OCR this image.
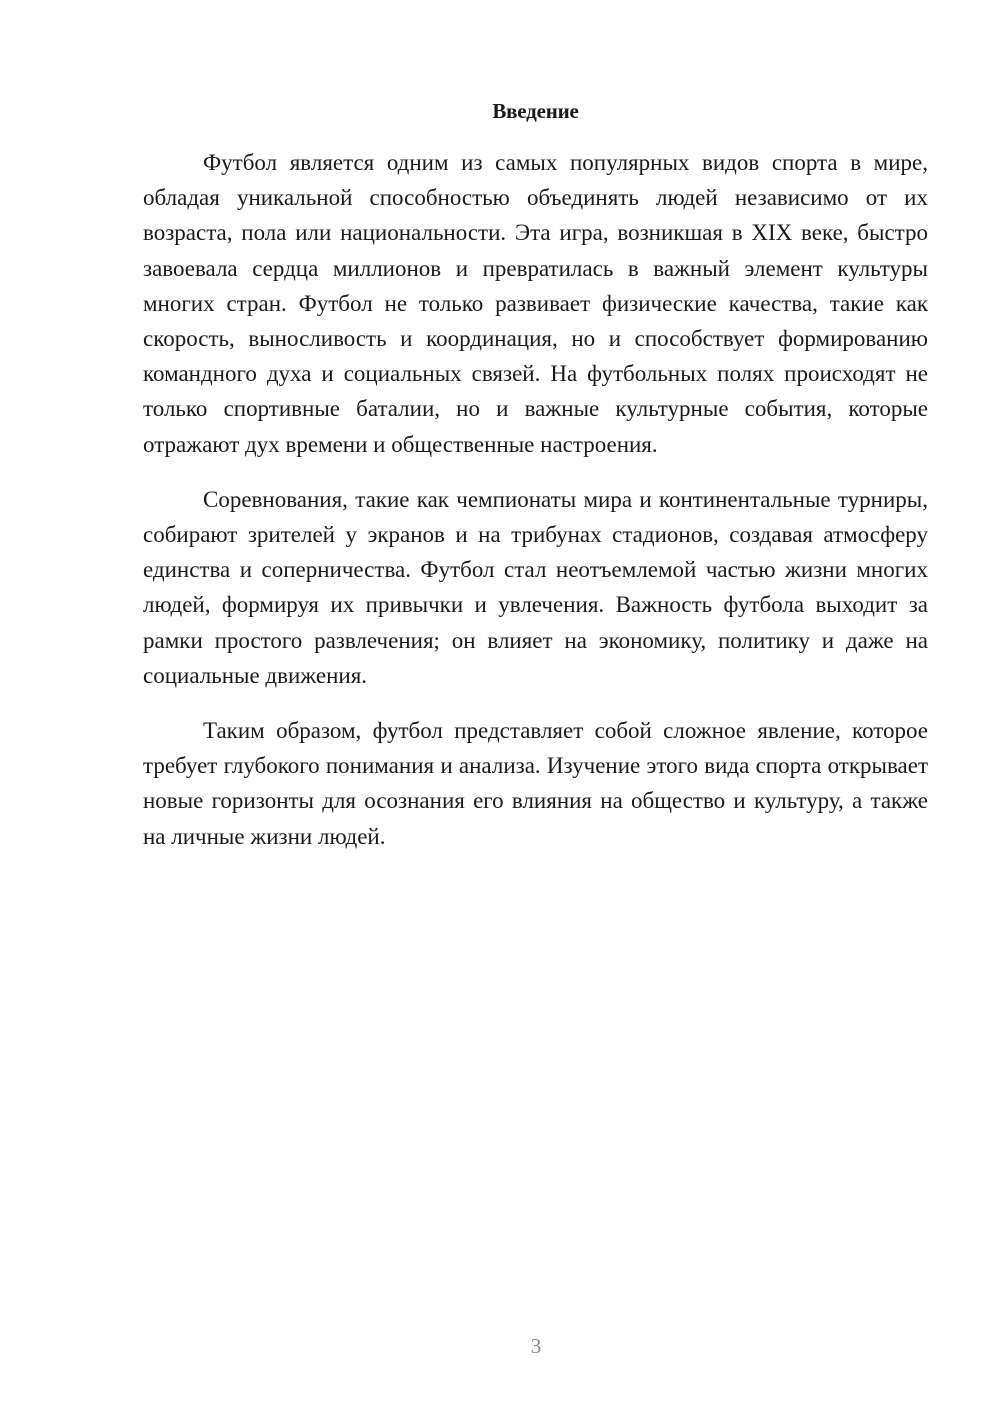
Введение

Футбол является одним из самых популярных видов спорта в мире, обладая уникальной способностью объединять людей независимо от их возраста, пола или национальности. Эта игра, возникшая в XIX веке, быстро завоевала сердца миллионов и превратилась в важный элемент культуры многих стран. Футбол не только развивает физические качества, такие как скорость, выносливость и координация, но и способствует формированию командного духа и социальных связей. На футбольных полях происходят не только спортивные баталии, но и важные культурные события, которые отражают дух времени и общественные настроения.

Соревнования, такие как чемпионаты мира и континентальные турниры, собирают зрителей у экранов и на трибунах стадионов, создавая атмосферу единства и соперничества. Футбол стал неотъемлемой частью жизни многих людей, формируя их привычки и увлечения. Важность футбола выходит за рамки простого развлечения; он влияет на экономику, политику и даже на социальные движения.

Таким образом, футбол представляет собой сложное явление, которое требует глубокого понимания и анализа. Изучение этого вида спорта открывает новые горизонты для осознания его влияния на общество и культуру, а также на личные жизни людей.

3
